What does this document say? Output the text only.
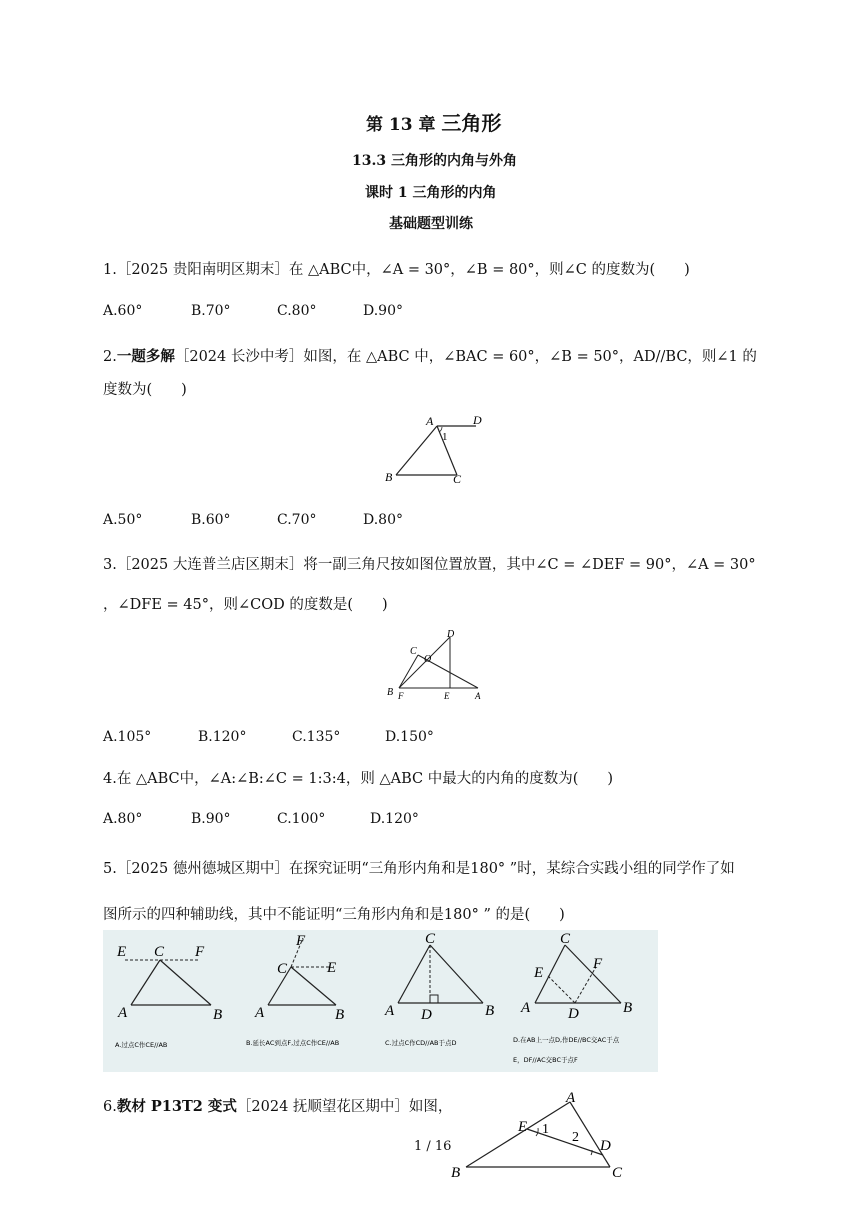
第 13 章 三角形
13.3 三角形的内角与外角
课时 1 三角形的内角
基础题型训练
1.［2025 贵阳南明区期末］在 △ABC中，∠A = 30°，∠B = 80°，则∠C 的度数为(　　)
A.60°	B.70°	C.80°	D.90°
2.一题多解［2024 长沙中考］如图，在 △ABC 中，∠BAC = 60°，∠B = 50°，AD//BC，则∠1 的
度数为(　　)
A	D
1
B	C
A.50°	B.60°	C.70°	D.80°
3.［2025 大连普兰店区期末］将一副三角尺按如图位置放置，其中∠C = ∠DEF = 90°，∠A = 30°
，∠DFE = 45°，则∠COD 的度数是(　　)
D
C
O
B F	E	A
A.105°	B.120°	C.135°	D.150°
4.在 △ABC中，∠A:∠B:∠C = 1:3:4，则 △ABC 中最大的内角的度数为(　　)
A.80°	B.90°	C.100°	D.120°
5.［2025 德州德城区期中］在探究证明“三角形内角和是180° ”时，某综合实践小组的同学作了如
图所示的四种辅助线，其中不能证明“三角形内角和是180° ” 的是(　　)
E C F
A	B
A.过点C作CE//AB
F
C	E
A	B
B.延长AC到点F,过点C作CE//AB
C
A D	B
C.过点C作CD//AB于点D
C
E
F
A	D	B
D.在AB上一点D,作DE//BC交AC于点
E，DF//AC交BC于点F
6.教材 P13T2 变式［2024 抚顺望花区期中］如图，
1 / 16
A
E 1
2
D
B	C
